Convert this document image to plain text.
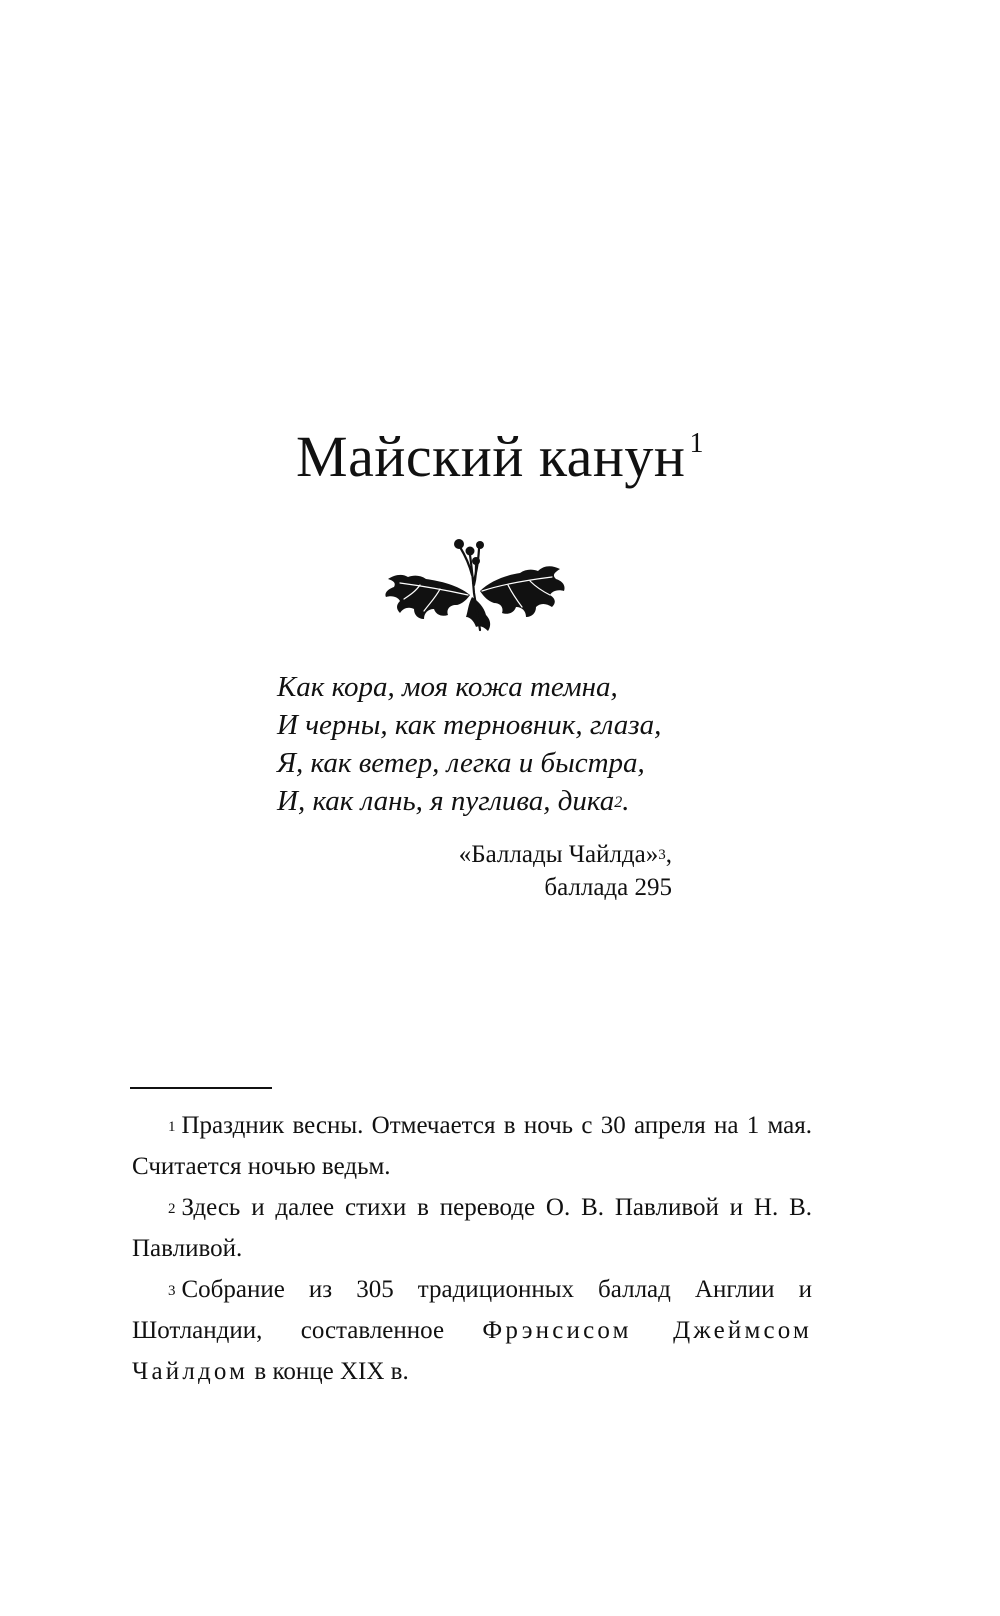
Майский канун $^1$

Как кора, моя кожа темна,

И черны, как терновник, глаза,

Я, как ветер, легка и быстра,

И, как лань, я пуглива, дика$^2$.

«Баллады Чайлда»$^3$,
баллада 295

$^1$ Праздник весны. Отмечается в ночь с 30 апреля на 1 мая. Считается ночью ведьм.

$^2$ Здесь и далее стихи в переводе О. В. Павливой и Н. В. Павливой.

$^3$ Собрание из 305 традиционных баллад Англии и Шотландии, составленное Фрэнсисом Джеймсом Чайлдом в конце XIX в.
